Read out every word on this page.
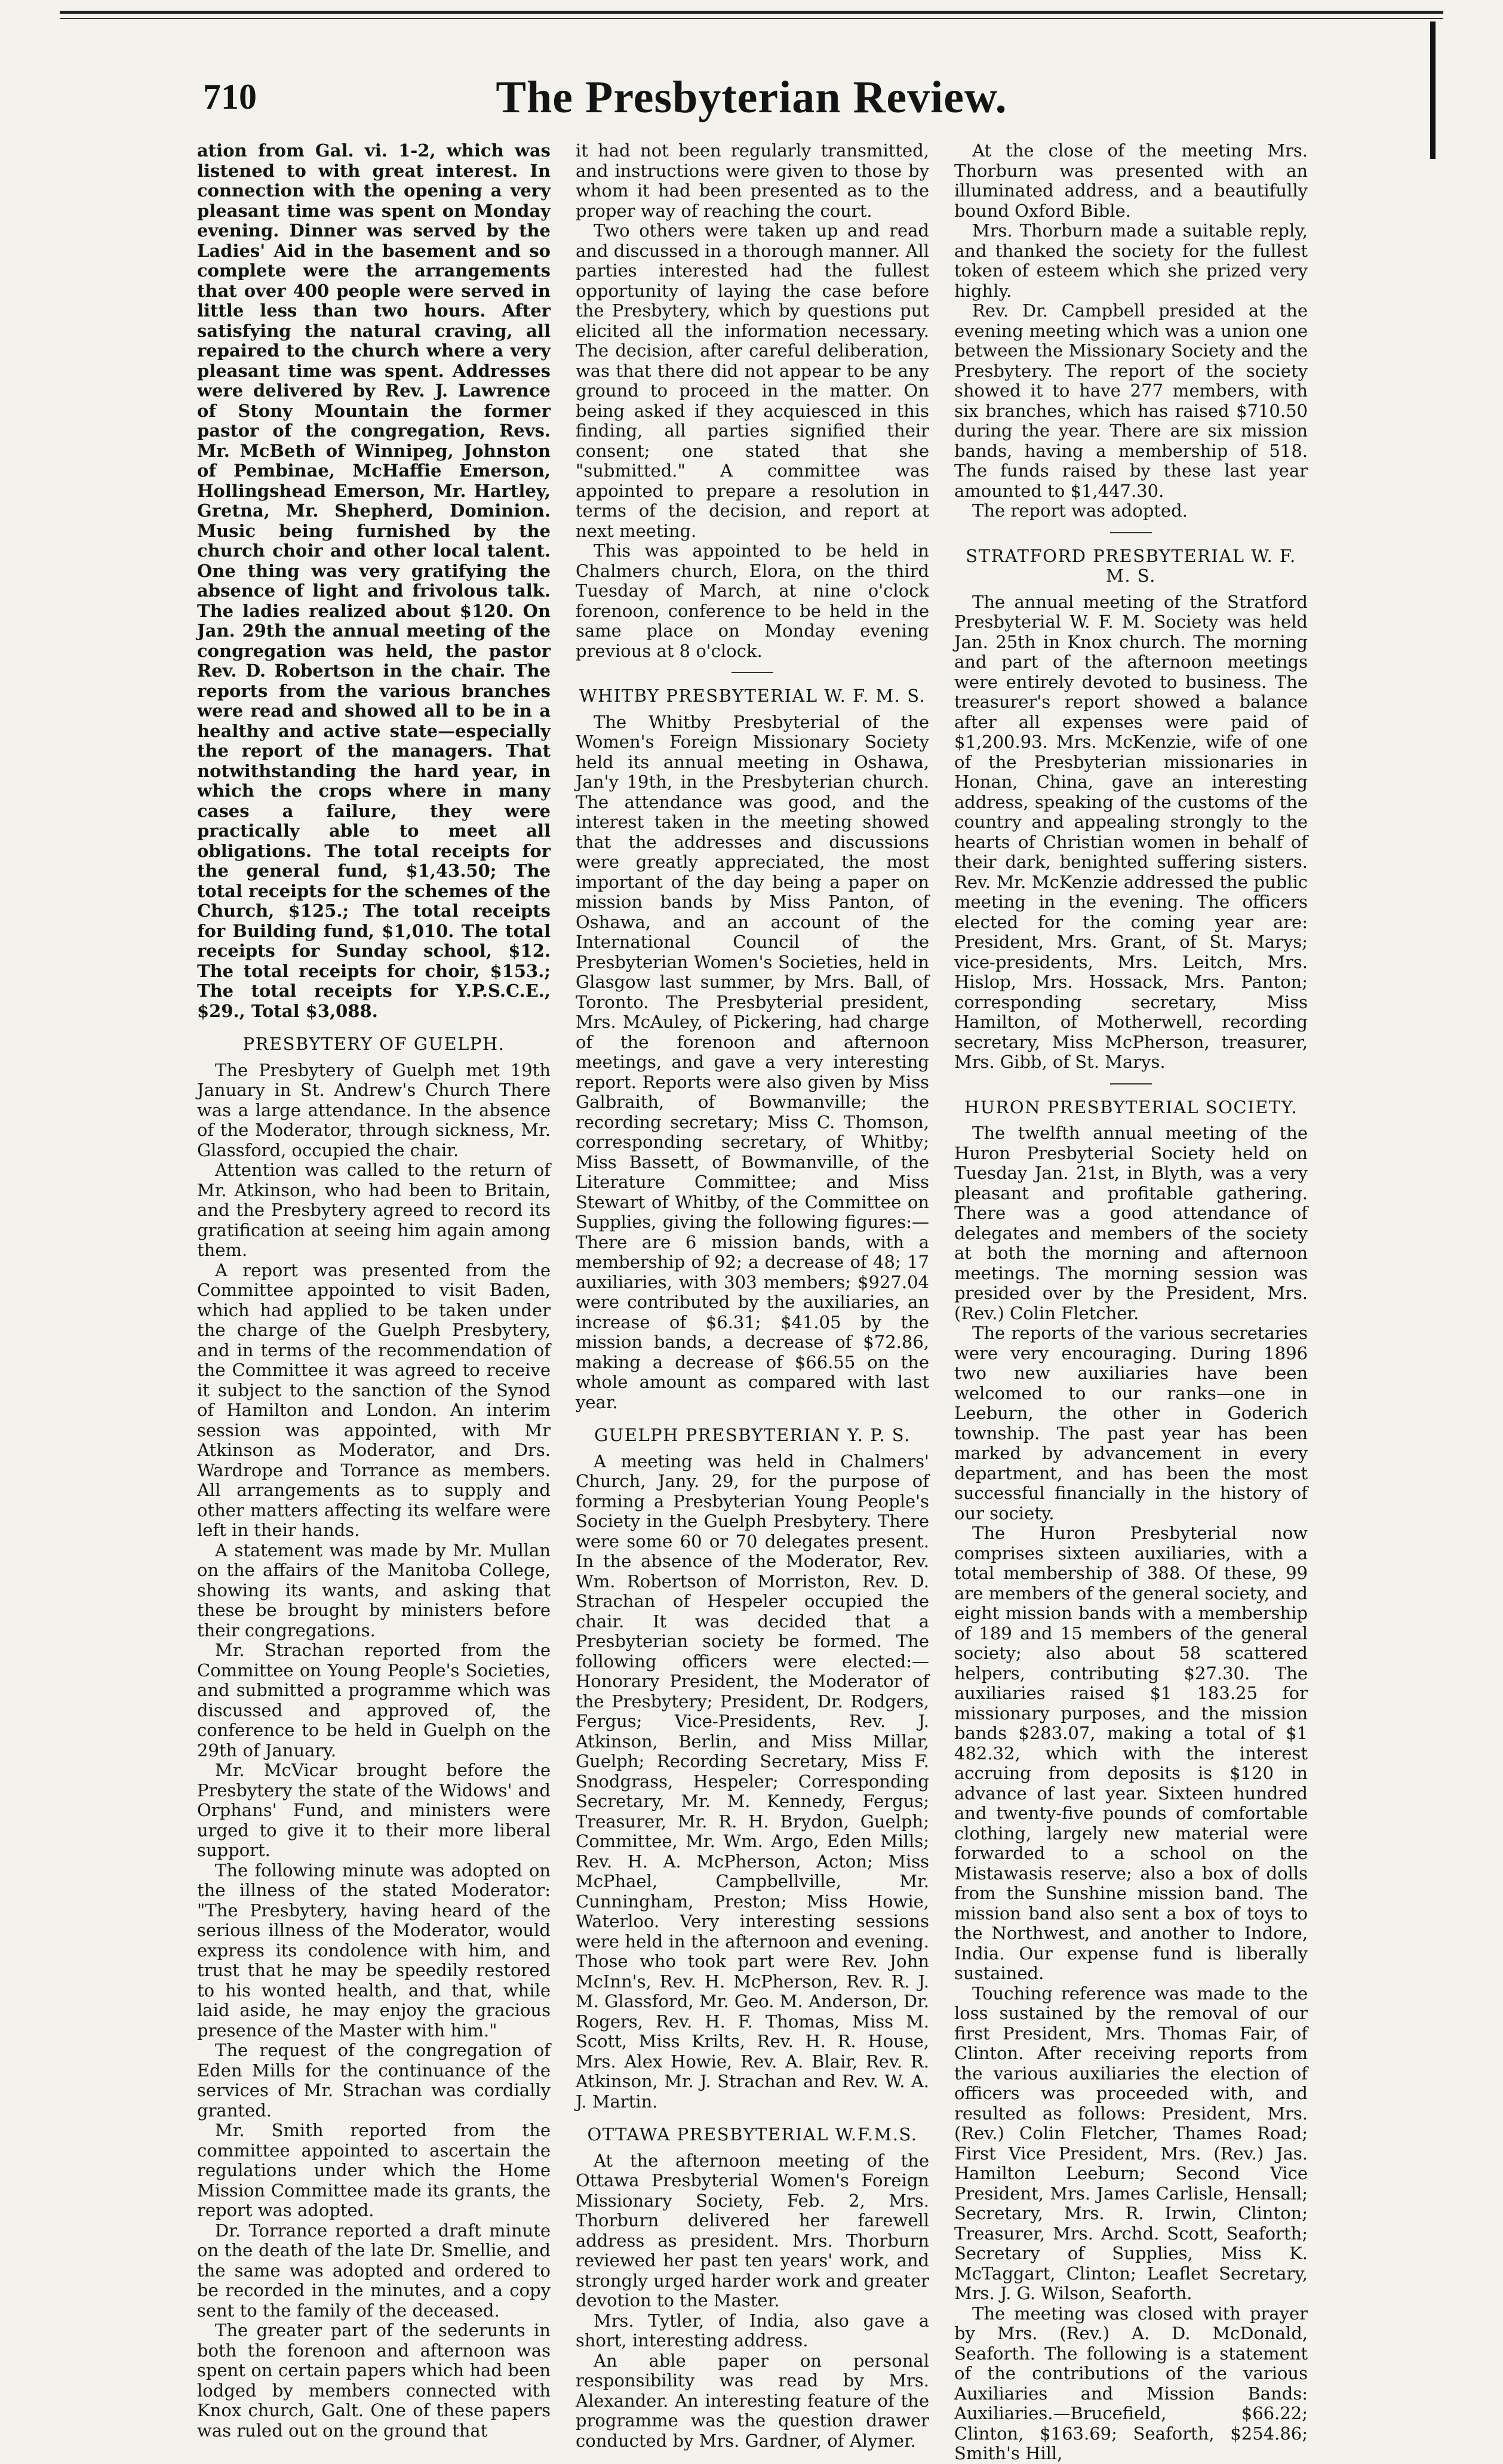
710	The Presbyterian Review.

ation from Gal. vi. 1-2, which was listened to with great interest. In connection with the opening a very pleasant time was spent on Monday evening. Dinner was served by the Ladies' Aid in the basement and so complete were the arrangements that over 400 people were served in little less than two hours. After satisfying the natural craving, all repaired to the church where a very pleasant time was spent. Addresses were delivered by Rev. J. Lawrence of Stony Mountain the former pastor of the congregation, Revs. Mr. McBeth of Winnipeg, Johnston of Pembinae, McHaffie Emerson, Hollingshead Emerson, Mr. Hartley, Gretna, Mr. Shepherd, Dominion. Music being furnished by the church choir and other local talent. One thing was very gratifying the absence of light and frivolous talk. The ladies realized about $120. On Jan. 29th the annual meeting of the congregation was held, the pastor Rev. D. Robertson in the chair. The reports from the various branches were read and showed all to be in a healthy and active state—especially the report of the managers. That notwithstanding the hard year, in which the crops where in many cases a failure, they were practically able to meet all obligations. The total receipts for the general fund, $1,43.50; The total receipts for the schemes of the Church, $125.; The total receipts for Building fund, $1,010. The total receipts for Sunday school, $12. The total receipts for choir, $153.; The total receipts for Y.P.S.C.E., $29., Total $3,088.

PRESBYTERY OF GUELPH.

The Presbytery of Guelph met 19th January in St. Andrew's Church There was a large attendance. In the absence of the Moderator, through sickness, Mr. Glassford, occupied the chair.

Attention was called to the return of Mr. Atkinson, who had been to Britain, and the Presbytery agreed to record its gratification at seeing him again among them.

A report was presented from the Committee appointed to visit Baden, which had applied to be taken under the charge of the Guelph Presbytery, and in terms of the recommendation of the Committee it was agreed to receive it subject to the sanction of the Synod of Hamilton and London. An interim session was appointed, with Mr Atkinson as Moderator, and Drs. Wardrope and Torrance as members. All arrangements as to supply and other matters affecting its welfare were left in their hands.

A statement was made by Mr. Mullan on the affairs of the Manitoba College, showing its wants, and asking that these be brought by ministers before their congregations.

Mr. Strachan reported from the Committee on Young People's Societies, and submitted a programme which was discussed and approved of, the conference to be held in Guelph on the 29th of January.

Mr. McVicar brought before the Presbytery the state of the Widows' and Orphans' Fund, and ministers were urged to give it to their more liberal support.

The following minute was adopted on the illness of the stated Moderator: "The Presbytery, having heard of the serious illness of the Moderator, would express its condolence with him, and trust that he may be speedily restored to his wonted health, and that, while laid aside, he may enjoy the gracious presence of the Master with him."

The request of the congregation of Eden Mills for the continuance of the services of Mr. Strachan was cordially granted.

Mr. Smith reported from the committee appointed to ascertain the regulations under which the Home Mission Committee made its grants, the report was adopted.

Dr. Torrance reported a draft minute on the death of the late Dr. Smellie, and the same was adopted and ordered to be recorded in the minutes, and a copy sent to the family of the deceased.

The greater part of the sederunts in both the forenoon and afternoon was spent on certain papers which had been lodged by members connected with Knox church, Galt. One of these papers was ruled out on the ground that

it had not been regularly transmitted, and instructions were given to those by whom it had been presented as to the proper way of reaching the court.

Two others were taken up and read and discussed in a thorough manner. All parties interested had the fullest opportunity of laying the case before the Presbytery, which by questions put elicited all the information necessary. The decision, after careful deliberation, was that there did not appear to be any ground to proceed in the matter. On being asked if they acquiesced in this finding, all parties signified their consent; one stated that she "submitted." A committee was appointed to prepare a resolution in terms of the decision, and report at next meeting.

This was appointed to be held in Chalmers church, Elora, on the third Tuesday of March, at nine o'clock forenoon, conference to be held in the same place on Monday evening previous at 8 o'clock.

WHITBY PRESBYTERIAL W. F. M. S.

The Whitby Presbyterial of the Women's Foreign Missionary Society held its annual meeting in Oshawa, Jan'y 19th, in the Presbyterian church. The attendance was good, and the interest taken in the meeting showed that the addresses and discussions were greatly appreciated, the most important of the day being a paper on mission bands by Miss Panton, of Oshawa, and an account of the International Council of the Presbyterian Women's Societies, held in Glasgow last summer, by Mrs. Ball, of Toronto. The Presbyterial president, Mrs. McAuley, of Pickering, had charge of the forenoon and afternoon meetings, and gave a very interesting report. Reports were also given by Miss Galbraith, of Bowmanville; the recording secretary; Miss C. Thomson, corresponding secretary, of Whitby; Miss Bassett, of Bowmanville, of the Literature Committee; and Miss Stewart of Whitby, of the Committee on Supplies, giving the following figures:—There are 6 mission bands, with a membership of 92; a decrease of 48; 17 auxiliaries, with 303 members; $927.04 were contributed by the auxiliaries, an increase of $6.31; $41.05 by the mission bands, a decrease of $72.86, making a decrease of $66.55 on the whole amount as compared with last year.

GUELPH PRESBYTERIAN Y. P. S.

A meeting was held in Chalmers' Church, Jany. 29, for the purpose of forming a Presbyterian Young People's Society in the Guelph Presbytery. There were some 60 or 70 delegates present. In the absence of the Moderator, Rev. Wm. Robertson of Morriston, Rev. D. Strachan of Hespeler occupied the chair. It was decided that a Presbyterian society be formed. The following officers were elected:—Honorary President, the Moderator of the Presbytery; President, Dr. Rodgers, Fergus; Vice-Presidents, Rev. J. Atkinson, Berlin, and Miss Millar, Guelph; Recording Secretary, Miss F. Snodgrass, Hespeler; Corresponding Secretary, Mr. M. Kennedy, Fergus; Treasurer, Mr. R. H. Brydon, Guelph; Committee, Mr. Wm. Argo, Eden Mills; Rev. H. A. McPherson, Acton; Miss McPhael, Campbellville, Mr. Cunningham, Preston; Miss Howie, Waterloo. Very interesting sessions were held in the afternoon and evening. Those who took part were Rev. John McInn's, Rev. H. McPherson, Rev. R. J. M. Glassford, Mr. Geo. M. Anderson, Dr. Rogers, Rev. H. F. Thomas, Miss M. Scott, Miss Krilts, Rev. H. R. House, Mrs. Alex Howie, Rev. A. Blair, Rev. R. Atkinson, Mr. J. Strachan and Rev. W. A. J. Martin.

OTTAWA PRESBYTERIAL W.F.M.S.

At the afternoon meeting of the Ottawa Presbyterial Women's Foreign Missionary Society, Feb. 2, Mrs. Thorburn delivered her farewell address as president. Mrs. Thorburn reviewed her past ten years' work, and strongly urged harder work and greater devotion to the Master.

Mrs. Tytler, of India, also gave a short, interesting address.

An able paper on personal responsibility was read by Mrs. Alexander. An interesting feature of the programme was the question drawer conducted by Mrs. Gardner, of Alymer.

At the close of the meeting Mrs. Thorburn was presented with an illuminated address, and a beautifully bound Oxford Bible.

Mrs. Thorburn made a suitable reply, and thanked the society for the fullest token of esteem which she prized very highly.

Rev. Dr. Campbell presided at the evening meeting which was a union one between the Missionary Society and the Presbytery. The report of the society showed it to have 277 members, with six branches, which has raised $710.50 during the year. There are six mission bands, having a membership of 518. The funds raised by these last year amounted to $1,447.30.

The report was adopted.

STRATFORD PRESBYTERIAL W. F. M. S.

The annual meeting of the Stratford Presbyterial W. F. M. Society was held Jan. 25th in Knox church. The morning and part of the afternoon meetings were entirely devoted to business. The treasurer's report showed a balance after all expenses were paid of $1,200.93. Mrs. McKenzie, wife of one of the Presbyterian missionaries in Honan, China, gave an interesting address, speaking of the customs of the country and appealing strongly to the hearts of Christian women in behalf of their dark, benighted suffering sisters. Rev. Mr. McKenzie addressed the public meeting in the evening. The officers elected for the coming year are: President, Mrs. Grant, of St. Marys; vice-presidents, Mrs. Leitch, Mrs. Hislop, Mrs. Hossack, Mrs. Panton; corresponding secretary, Miss Hamilton, of Motherwell, recording secretary, Miss McPherson, treasurer, Mrs. Gibb, of St. Marys.

HURON PRESBYTERIAL SOCIETY.

The twelfth annual meeting of the Huron Presbyterial Society held on Tuesday Jan. 21st, in Blyth, was a very pleasant and profitable gathering. There was a good attendance of delegates and members of the society at both the morning and afternoon meetings. The morning session was presided over by the President, Mrs. (Rev.) Colin Fletcher.

The reports of the various secretaries were very encouraging. During 1896 two new auxiliaries have been welcomed to our ranks—one in Leeburn, the other in Goderich township. The past year has been marked by advancement in every department, and has been the most successful financially in the history of our society.

The Huron Presbyterial now comprises sixteen auxiliaries, with a total membership of 388. Of these, 99 are members of the general society, and eight mission bands with a membership of 189 and 15 members of the general society; also about 58 scattered helpers, contributing $27.30. The auxiliaries raised $1 183.25 for missionary purposes, and the mission bands $283.07, making a total of $1 482.32, which with the interest accruing from deposits is $120 in advance of last year. Sixteen hundred and twenty-five pounds of comfortable clothing, largely new material were forwarded to a school on the Mistawasis reserve; also a box of dolls from the Sunshine mission band. The mission band also sent a box of toys to the Northwest, and another to Indore, India. Our expense fund is liberally sustained.

Touching reference was made to the loss sustained by the removal of our first President, Mrs. Thomas Fair, of Clinton. After receiving reports from the various auxiliaries the election of officers was proceeded with, and resulted as follows: President, Mrs. (Rev.) Colin Fletcher, Thames Road; First Vice President, Mrs. (Rev.) Jas. Hamilton Leeburn; Second Vice President, Mrs. James Carlisle, Hensall; Secretary, Mrs. R. Irwin, Clinton; Treasurer, Mrs. Archd. Scott, Seaforth; Secretary of Supplies, Miss K. McTaggart, Clinton; Leaflet Secretary, Mrs. J. G. Wilson, Seaforth.

The meeting was closed with prayer by Mrs. (Rev.) A. D. McDonald, Seaforth. The following is a statement of the contributions of the various Auxiliaries and Mission Bands: Auxiliaries.—Brucefield, $66.22; Clinton, $163.69; Seaforth, $254.86; Smith's Hill,
